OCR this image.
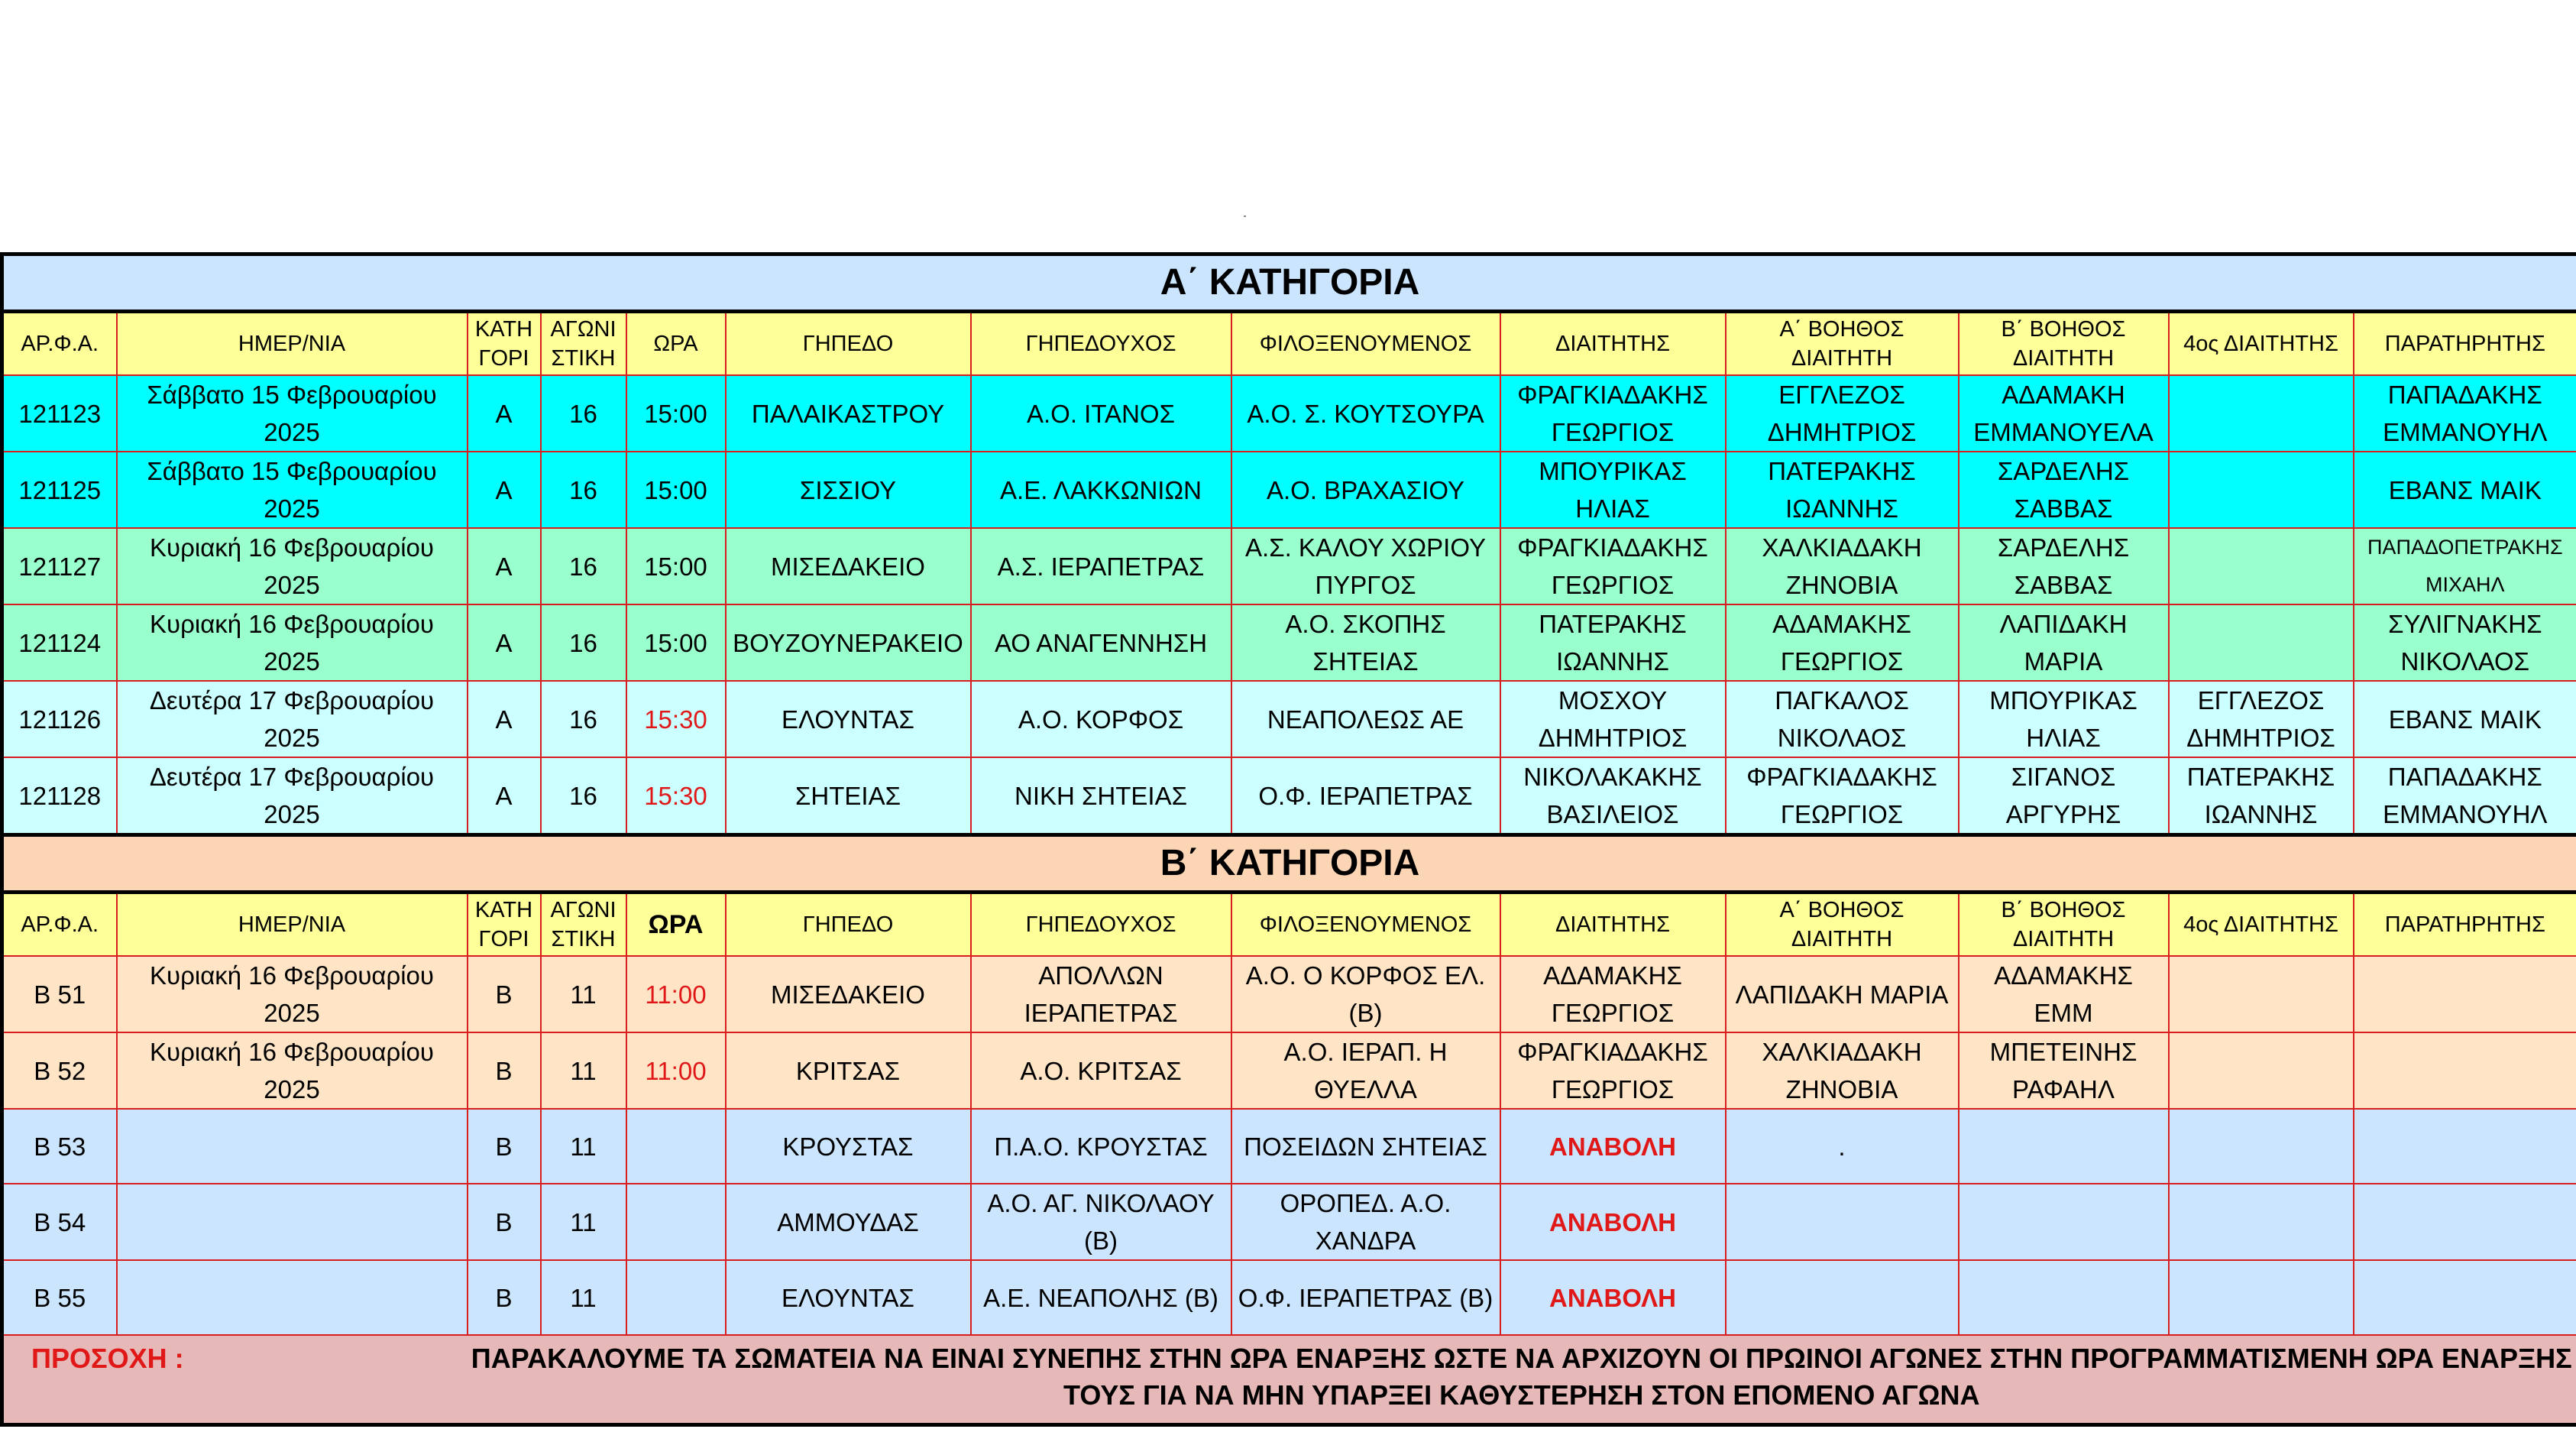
Α΄ ΚΑΤΗΓΟΡΙΑ												
ΑΡ.Φ.Α.	ΗΜΕΡ/ΝΙΑ	ΚΑΤΗ ΓΟΡΙ	ΑΓΩΝΙ ΣΤΙΚΗ	ΩΡΑ	ΓΗΠΕΔΟ	ΓΗΠΕΔΟΥΧΟΣ	ΦΙΛΟΞΕΝΟΥΜΕΝΟΣ	ΔΙΑΙΤΗΤΗΣ	Α΄ ΒΟΗΘΟΣ ΔΙΑΙΤΗΤΗ	Β΄ ΒΟΗΘΟΣ ΔΙΑΙΤΗΤΗ	4ος ΔΙΑΙΤΗΤΗΣ	ΠΑΡΑΤΗΡΗΤΗΣ
121123	Σάββατο 15 Φεβρουαρίου 2025	Α	16	15:00	ΠΑΛΑΙΚΑΣΤΡΟΥ	Α.Ο. ΙΤΑΝΟΣ	Α.Ο. Σ. ΚΟΥΤΣΟΥΡΑ	ΦΡΑΓΚΙΑΔΑΚΗΣ ΓΕΩΡΓΙΟΣ	ΕΓΓΛΕΖΟΣ ΔΗΜΗΤΡΙΟΣ	ΑΔΑΜΑΚΗ ΕΜΜΑΝΟΥΕΛΑ		ΠΑΠΑΔΑΚΗΣ ΕΜΜΑΝΟΥΗΛ
121125	Σάββατο 15 Φεβρουαρίου 2025	Α	16	15:00	ΣΙΣΣΙΟΥ	Α.Ε. ΛΑΚΚΩΝΙΩΝ	Α.Ο. ΒΡΑΧΑΣΙΟΥ	ΜΠΟΥΡΙΚΑΣ ΗΛΙΑΣ	ΠΑΤΕΡΑΚΗΣ ΙΩΑΝΝΗΣ	ΣΑΡΔΕΛΗΣ ΣΑΒΒΑΣ		ΕΒΑΝΣ ΜΑΙΚ
121127	Κυριακή 16 Φεβρουαρίου 2025	Α	16	15:00	ΜΙΣΕΔΑΚΕΙΟ	Α.Σ. ΙΕΡΑΠΕΤΡΑΣ	Α.Σ. ΚΑΛΟΥ ΧΩΡΙΟΥ ΠΥΡΓΟΣ	ΦΡΑΓΚΙΑΔΑΚΗΣ ΓΕΩΡΓΙΟΣ	ΧΑΛΚΙΑΔΑΚΗ ΖΗΝΟΒΙΑ	ΣΑΡΔΕΛΗΣ ΣΑΒΒΑΣ		ΠΑΠΑΔΟΠΕΤΡΑΚΗΣ ΜΙΧΑΗΛ
121124	Κυριακή 16 Φεβρουαρίου 2025	Α	16	15:00	ΒΟΥΖΟΥΝΕΡΑΚΕΙΟ	ΑΟ ΑΝΑΓΕΝΝΗΣΗ	Α.Ο. ΣΚΟΠΗΣ ΣΗΤΕΙΑΣ	ΠΑΤΕΡΑΚΗΣ ΙΩΑΝΝΗΣ	ΑΔΑΜΑΚΗΣ ΓΕΩΡΓΙΟΣ	ΛΑΠΙΔΑΚΗ ΜΑΡΙΑ		ΣΥΛΙΓΝΑΚΗΣ ΝΙΚΟΛΑΟΣ
121126	Δευτέρα 17 Φεβρουαρίου 2025	Α	16	15:30	ΕΛΟΥΝΤΑΣ	Α.Ο. ΚΟΡΦΟΣ	ΝΕΑΠΟΛΕΩΣ ΑΕ	ΜΟΣΧΟΥ ΔΗΜΗΤΡΙΟΣ	ΠΑΓΚΑΛΟΣ ΝΙΚΟΛΑΟΣ	ΜΠΟΥΡΙΚΑΣ ΗΛΙΑΣ	ΕΓΓΛΕΖΟΣ ΔΗΜΗΤΡΙΟΣ	ΕΒΑΝΣ ΜΑΙΚ
121128	Δευτέρα 17 Φεβρουαρίου 2025	Α	16	15:30	ΣΗΤΕΙΑΣ	ΝΙΚΗ ΣΗΤΕΙΑΣ	Ο.Φ. ΙΕΡΑΠΕΤΡΑΣ	ΝΙΚΟΛΑΚΑΚΗΣ ΒΑΣΙΛΕΙΟΣ	ΦΡΑΓΚΙΑΔΑΚΗΣ ΓΕΩΡΓΙΟΣ	ΣΙΓΑΝΟΣ ΑΡΓΥΡΗΣ	ΠΑΤΕΡΑΚΗΣ ΙΩΑΝΝΗΣ	ΠΑΠΑΔΑΚΗΣ ΕΜΜΑΝΟΥΗΛ
Β΄ ΚΑΤΗΓΟΡΙΑ												
ΑΡ.Φ.Α.	ΗΜΕΡ/ΝΙΑ	ΚΑΤΗ ΓΟΡΙ	ΑΓΩΝΙ ΣΤΙΚΗ	ΩΡΑ	ΓΗΠΕΔΟ	ΓΗΠΕΔΟΥΧΟΣ	ΦΙΛΟΞΕΝΟΥΜΕΝΟΣ	ΔΙΑΙΤΗΤΗΣ	Α΄ ΒΟΗΘΟΣ ΔΙΑΙΤΗΤΗ	Β΄ ΒΟΗΘΟΣ ΔΙΑΙΤΗΤΗ	4ος ΔΙΑΙΤΗΤΗΣ	ΠΑΡΑΤΗΡΗΤΗΣ
Β 51	Κυριακή 16 Φεβρουαρίου 2025	Β	11	11:00	ΜΙΣΕΔΑΚΕΙΟ	ΑΠΟΛΛΩΝ ΙΕΡΑΠΕΤΡΑΣ	Α.Ο. Ο ΚΟΡΦΟΣ ΕΛ. (Β)	ΑΔΑΜΑΚΗΣ ΓΕΩΡΓΙΟΣ	ΛΑΠΙΔΑΚΗ ΜΑΡΙΑ	ΑΔΑΜΑΚΗΣ ΕΜΜ		
Β 52	Κυριακή 16 Φεβρουαρίου 2025	Β	11	11:00	ΚΡΙΤΣΑΣ	Α.Ο. ΚΡΙΤΣΑΣ	Α.Ο. ΙΕΡΑΠ. Η ΘΥΕΛΛΑ	ΦΡΑΓΚΙΑΔΑΚΗΣ ΓΕΩΡΓΙΟΣ	ΧΑΛΚΙΑΔΑΚΗ ΖΗΝΟΒΙΑ	ΜΠΕΤΕΙΝΗΣ ΡΑΦΑΗΛ		
Β 53		Β	11		ΚΡΟΥΣΤΑΣ	Π.Α.Ο. ΚΡΟΥΣΤΑΣ	ΠΟΣΕΙΔΩΝ ΣΗΤΕΙΑΣ	ΑΝΑΒΟΛΗ	.			
Β 54		Β	11		ΑΜΜΟΥΔΑΣ	Α.Ο. ΑΓ. ΝΙΚΟΛΑΟΥ (Β)	ΟΡΟΠΕΔ. Α.Ο. ΧΑΝΔΡΑ	ΑΝΑΒΟΛΗ				
Β 55		Β	11		ΕΛΟΥΝΤΑΣ	Α.Ε. ΝΕΑΠΟΛΗΣ (Β)	Ο.Φ. ΙΕΡΑΠΕΤΡΑΣ (Β)	ΑΝΑΒΟΛΗ				
ΠΡΟΣΟΧΗ :		ΠΑΡΑΚΑΛΟΥΜΕ ΤΑ ΣΩΜΑΤΕΙΑ ΝΑ ΕΙΝΑΙ ΣΥΝΕΠΗΣ ΣΤΗΝ ΩΡΑ ΕΝΑΡΞΗΣ ΩΣΤΕ ΝΑ ΑΡΧΙΖΟΥΝ ΟΙ ΠΡΩΙΝΟΙ ΑΓΩΝΕΣ ΣΤΗΝ ΠΡΟΓΡΑΜΜΑΤΙΣΜΕΝΗ ΩΡΑ ΕΝΑΡΞΗΣ ΤΟΥΣ ΓΙΑ ΝΑ ΜΗΝ ΥΠΑΡΞΕΙ ΚΑΘΥΣΤΕΡΗΣΗ ΣΤΟΝ ΕΠΟΜΕΝΟ ΑΓΩΝΑ										
